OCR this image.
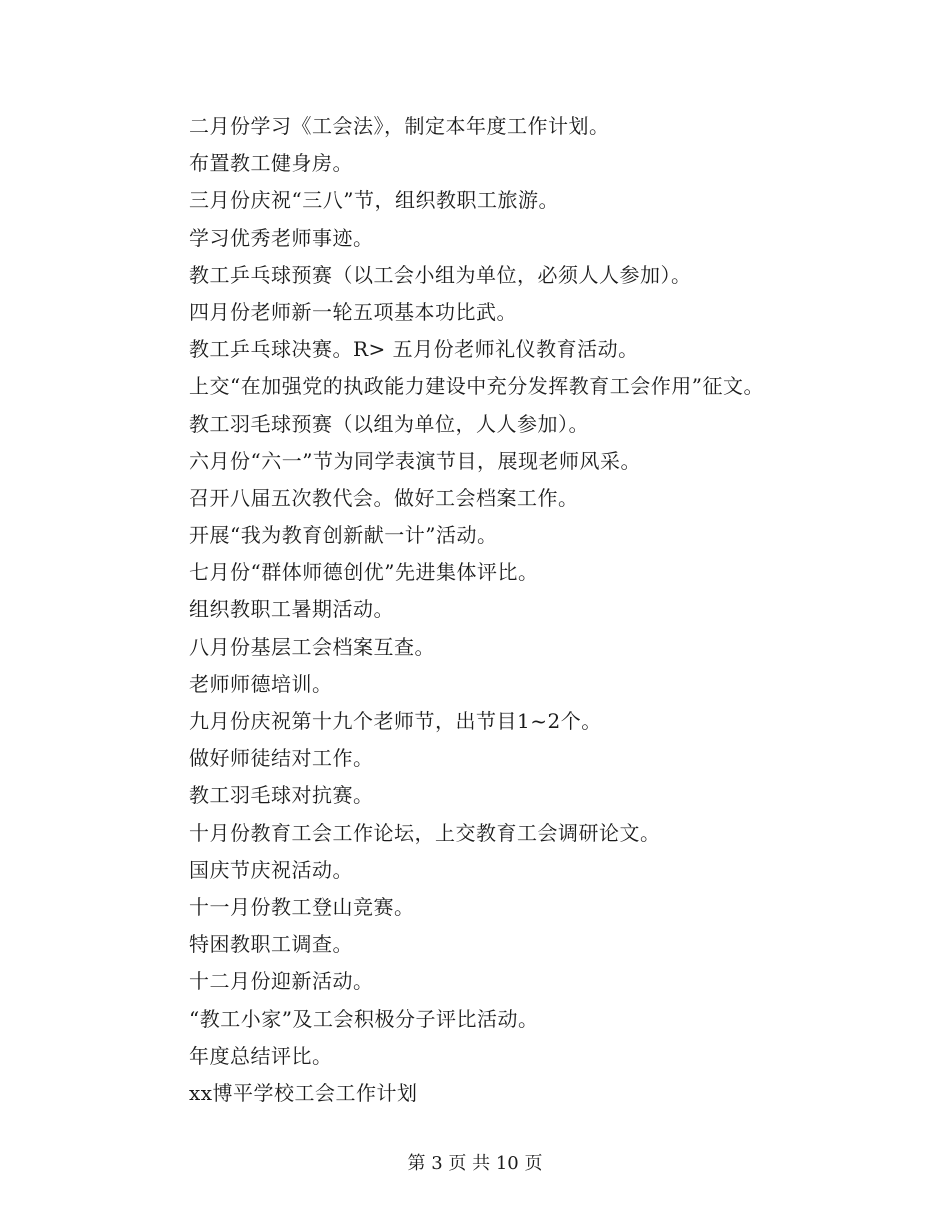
二月份学习《工会法》，制定本年度工作计划。
布置教工健身房。
三月份庆祝“三八”节，组织教职工旅游。
学习优秀老师事迹。
教工乒乓球预赛（以工会小组为单位，必须人人参加）。
四月份老师新一轮五项基本功比武。
教工乒乓球决赛。R> 五月份老师礼仪教育活动。
上交“在加强党的执政能力建设中充分发挥教育工会作用”征文。
教工羽毛球预赛（以组为单位，人人参加）。
六月份“六一”节为同学表演节目，展现老师风采。
召开八届五次教代会。做好工会档案工作。
开展“我为教育创新献一计”活动。
七月份“群体师德创优”先进集体评比。
组织教职工暑期活动。
八月份基层工会档案互查。
老师师德培训。
九月份庆祝第十九个老师节，出节目1~2个。
做好师徒结对工作。
教工羽毛球对抗赛。
十月份教育工会工作论坛，上交教育工会调研论文。
国庆节庆祝活动。
十一月份教工登山竞赛。
特困教职工调查。
十二月份迎新活动。
“教工小家”及工会积极分子评比活动。
年度总结评比。
xx博平学校工会工作计划
第 3 页 共 10 页
